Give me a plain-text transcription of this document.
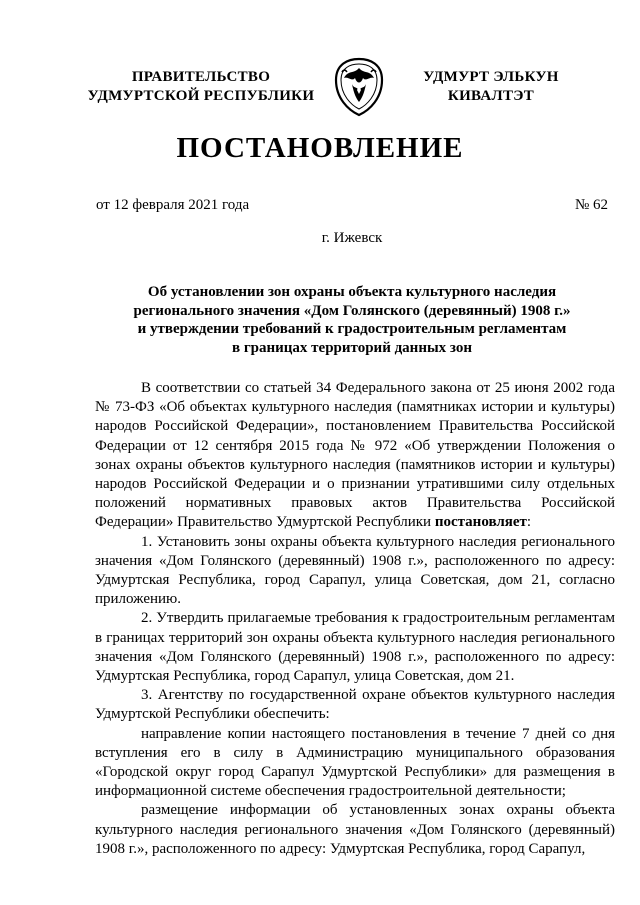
ПРАВИТЕЛЬСТВО
УДМУРТСКОЙ РЕСПУБЛИКИ
УДМУРТ ЭЛЬКУН
КИВАЛТЭТ
ПОСТАНОВЛЕНИЕ
от 12 февраля 2021 года	№ 62
г. Ижевск
Об установлении зон охраны объекта культурного наследия
регионального значения «Дом Голянского (деревянный) 1908 г.»
и утверждении требований к градостроительным регламентам
в границах территорий данных зон

В соответствии со статьей 34 Федерального закона от 25 июня 2002 года № 73-ФЗ «Об объектах культурного наследия (памятниках истории и культуры) народов Российской Федерации», постановлением Правительства Российской Федерации от 12 сентября 2015 года № 972 «Об утверждении Положения о зонах охраны объектов культурного наследия (памятников истории и культуры) народов Российской Федерации и о признании утратившими силу отдельных положений нормативных правовых актов Правительства Российской Федерации» Правительство Удмуртской Республики постановляет:

1. Установить зоны охраны объекта культурного наследия регионального значения «Дом Голянского (деревянный) 1908 г.», расположенного по адресу: Удмуртская Республика, город Сарапул, улица Советская, дом 21, согласно приложению.

2. Утвердить прилагаемые требования к градостроительным регламентам в границах территорий зон охраны объекта культурного наследия регионального значения «Дом Голянского (деревянный) 1908 г.», расположенного по адресу: Удмуртская Республика, город Сарапул, улица Советская, дом 21.

3. Агентству по государственной охране объектов культурного наследия Удмуртской Республики обеспечить:

направление копии настоящего постановления в течение 7 дней со дня вступления его в силу в Администрацию муниципального образования «Городской округ город Сарапул Удмуртской Республики» для размещения в информационной системе обеспечения градостроительной деятельности;

размещение информации об установленных зонах охраны объекта культурного наследия регионального значения «Дом Голянского (деревянный) 1908 г.», расположенного по адресу: Удмуртская Республика, город Сарапул,
